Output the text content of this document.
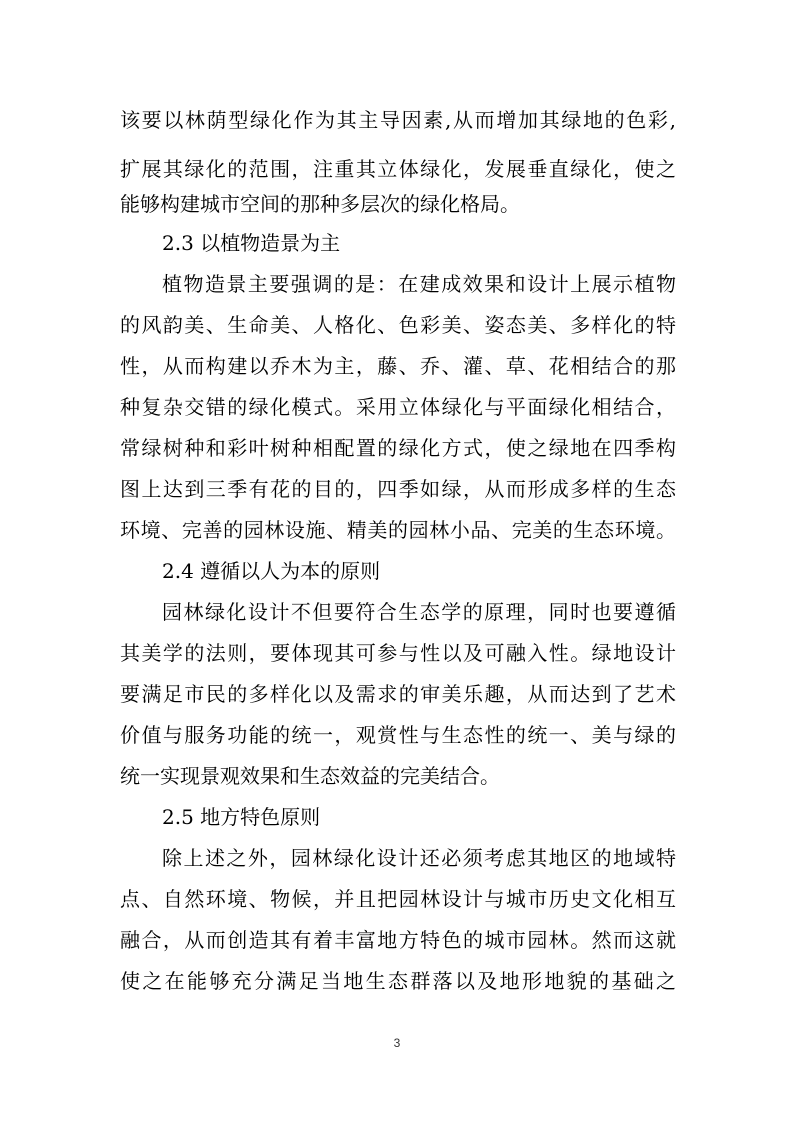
该要以林荫型绿化作为其主导因素,从而增加其绿地的色彩,
扩展其绿化的范围，注重其立体绿化，发展垂直绿化，使之
能够构建城市空间的那种多层次的绿化格局。
2.3 以植物造景为主
植物造景主要强调的是：在建成效果和设计上展示植物
的风韵美、生命美、人格化、色彩美、姿态美、多样化的特
性，从而构建以乔木为主，藤、乔、灌、草、花相结合的那
种复杂交错的绿化模式。采用立体绿化与平面绿化相结合，
常绿树种和彩叶树种相配置的绿化方式，使之绿地在四季构
图上达到三季有花的目的，四季如绿，从而形成多样的生态
环境、完善的园林设施、精美的园林小品、完美的生态环境。
2.4 遵循以人为本的原则
园林绿化设计不但要符合生态学的原理，同时也要遵循
其美学的法则，要体现其可参与性以及可融入性。绿地设计
要满足市民的多样化以及需求的审美乐趣，从而达到了艺术
价值与服务功能的统一，观赏性与生态性的统一、美与绿的
统一实现景观效果和生态效益的完美结合。
2.5 地方特色原则
除上述之外，园林绿化设计还必须考虑其地区的地域特
点、自然环境、物候，并且把园林设计与城市历史文化相互
融合，从而创造其有着丰富地方特色的城市园林。然而这就
使之在能够充分满足当地生态群落以及地形地貌的基础之
3
